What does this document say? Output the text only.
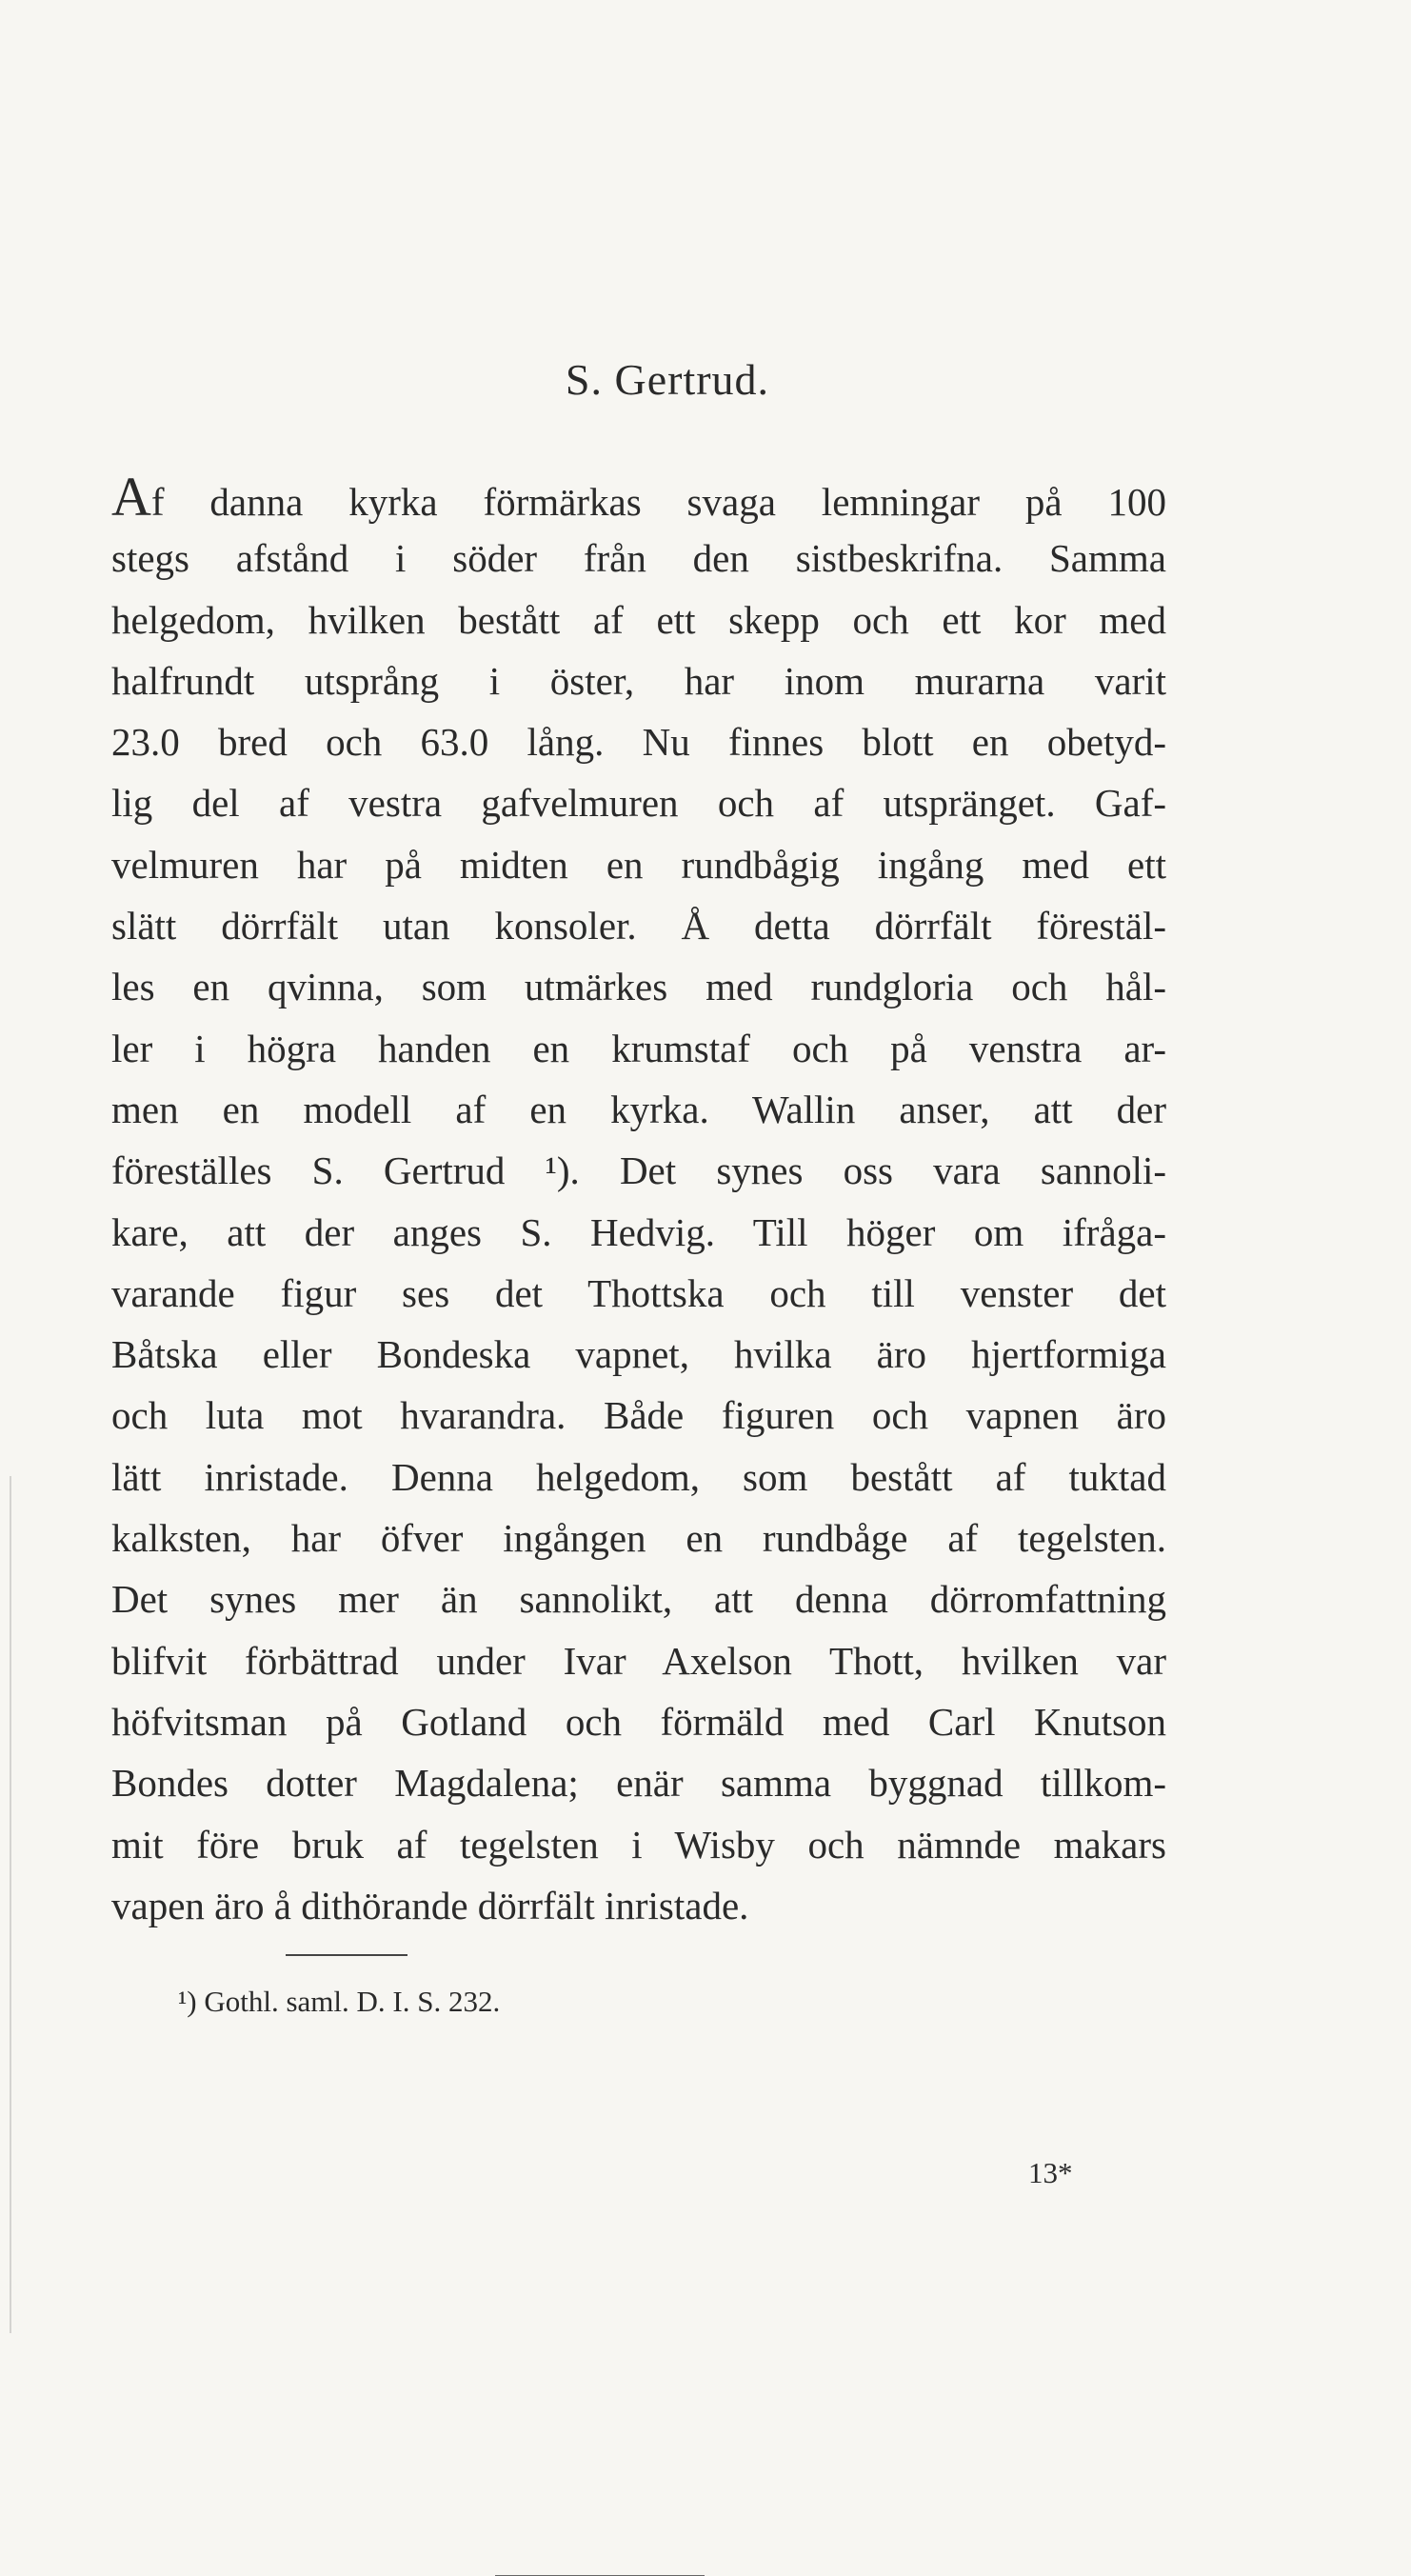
S. Gertrud.
Af danna kyrka förmärkas svaga lemningar på 100
stegs afstånd i söder från den sistbeskrifna. Samma
helgedom, hvilken bestått af ett skepp och ett kor med
halfrundt utsprång i öster, har inom murarna varit
23.0 bred och 63.0 lång. Nu finnes blott en obetyd-
lig del af vestra gafvelmuren och af utspränget. Gaf-
velmuren har på midten en rundbågig ingång med ett
slätt dörrfält utan konsoler. Å detta dörrfält förestäl-
les en qvinna, som utmärkes med rundgloria och hål-
ler i högra handen en krumstaf och på venstra ar-
men en modell af en kyrka. Wallin anser, att der
föreställes S. Gertrud ¹). Det synes oss vara sannoli-
kare, att der anges S. Hedvig. Till höger om ifråga-
varande figur ses det Thottska och till venster det
Båtska eller Bondeska vapnet, hvilka äro hjertformiga
och luta mot hvarandra. Både figuren och vapnen äro
lätt inristade. Denna helgedom, som bestått af tuktad
kalksten, har öfver ingången en rundbåge af tegelsten.
Det synes mer än sannolikt, att denna dörromfattning
blifvit förbättrad under Ivar Axelson Thott, hvilken var
höfvitsman på Gotland och förmäld med Carl Knutson
Bondes dotter Magdalena; enär samma byggnad tillkom-
mit före bruk af tegelsten i Wisby och nämnde makars
vapen äro å dithörande dörrfält inristade.
¹) Gothl. saml. D. I. S. 232.
13*
